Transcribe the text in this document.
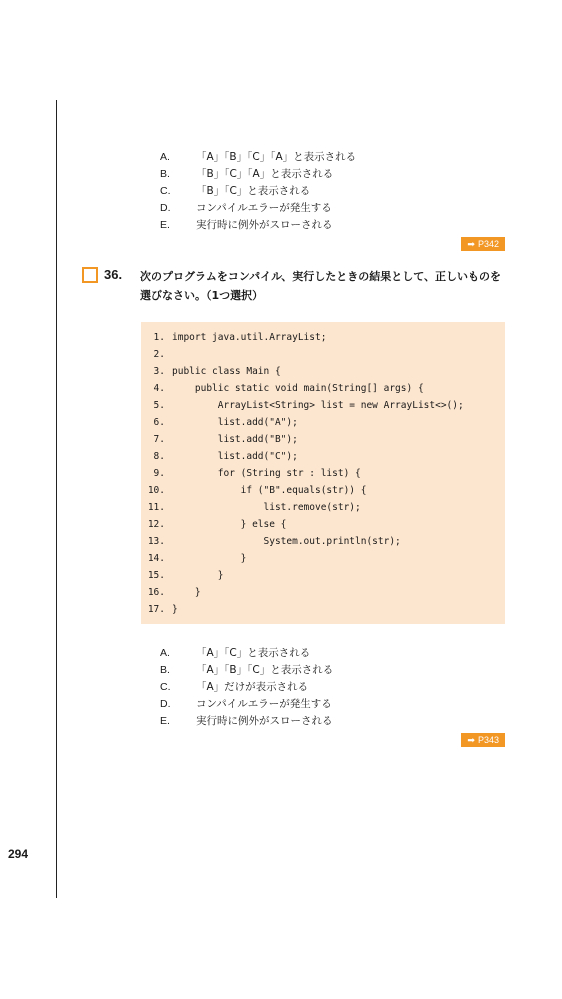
294
A.	「A」「B」「C」「A」と表示される
B.	「B」「C」「A」と表示される
C.	「B」「C」と表示される
D.	コンパイルエラーが発生する
E.	実行時に例外がスローされる
➡ P342
36. 次のプログラムをコンパイル、実行したときの結果として、正しいものを選びなさい。（1つ選択）
1. import java.util.ArrayList;
2.
3. public class Main {
4. public static void main(String[] args) {
5. ArrayList<String> list = new ArrayList<>();
6. list.add("A");
7. list.add("B");
8. list.add("C");
9. for (String str : list) {
10. if ("B".equals(str)) {
11. list.remove(str);
12. } else {
13. System.out.println(str);
14. }
15. }
16. }
17. }
A.	「A」「C」と表示される
B.	「A」「B」「C」と表示される
C.	「A」だけが表示される
D.	コンパイルエラーが発生する
E.	実行時に例外がスローされる
➡ P343
